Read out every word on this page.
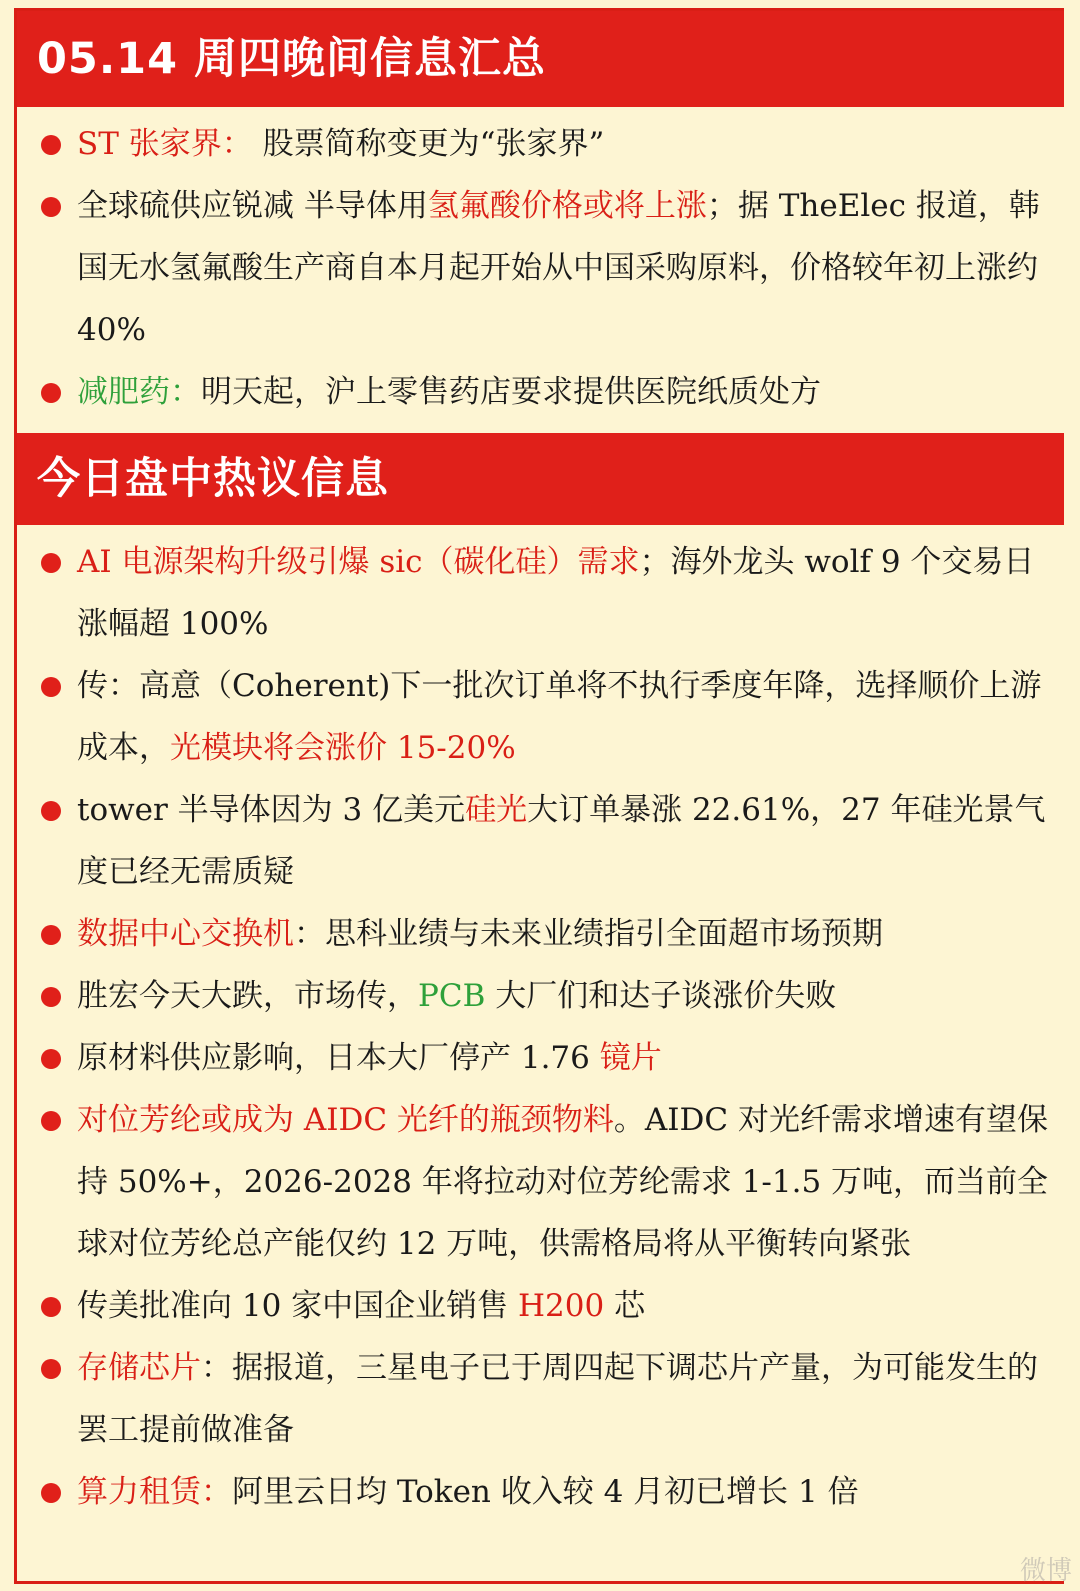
05.14 周四晚间信息汇总
ST 张家界： 股票简称变更为“张家界”
全球硫供应锐减 半导体用氢氟酸价格或将上涨；据 TheElec 报道，韩国无水氢氟酸生产商自本月起开始从中国采购原料，价格较年初上涨约 40%
减肥药：明天起，沪上零售药店要求提供医院纸质处方
今日盘中热议信息
AI 电源架构升级引爆 sic（碳化硅）需求；海外龙头 wolf 9 个交易日涨幅超 100%
传：高意（Coherent)下一批次订单将不执行季度年降，选择顺价上游成本，光模块将会涨价 15-20%
tower 半导体因为 3 亿美元硅光大订单暴涨 22.61%，27 年硅光景气度已经无需质疑
数据中心交换机：思科业绩与未来业绩指引全面超市场预期
胜宏今天大跌，市场传，PCB 大厂们和达子谈涨价失败
原材料供应影响，日本大厂停产 1.76 镜片
对位芳纶或成为 AIDC 光纤的瓶颈物料。AIDC 对光纤需求增速有望保持 50%+，2026-2028 年将拉动对位芳纶需求 1-1.5 万吨，而当前全球对位芳纶总产能仅约 12 万吨，供需格局将从平衡转向紧张
传美批准向 10 家中国企业销售 H200 芯
存储芯片：据报道，三星电子已于周四起下调芯片产量，为可能发生的罢工提前做准备
算力租赁：阿里云日均 Token 收入较 4 月初已增长 1 倍
微博
